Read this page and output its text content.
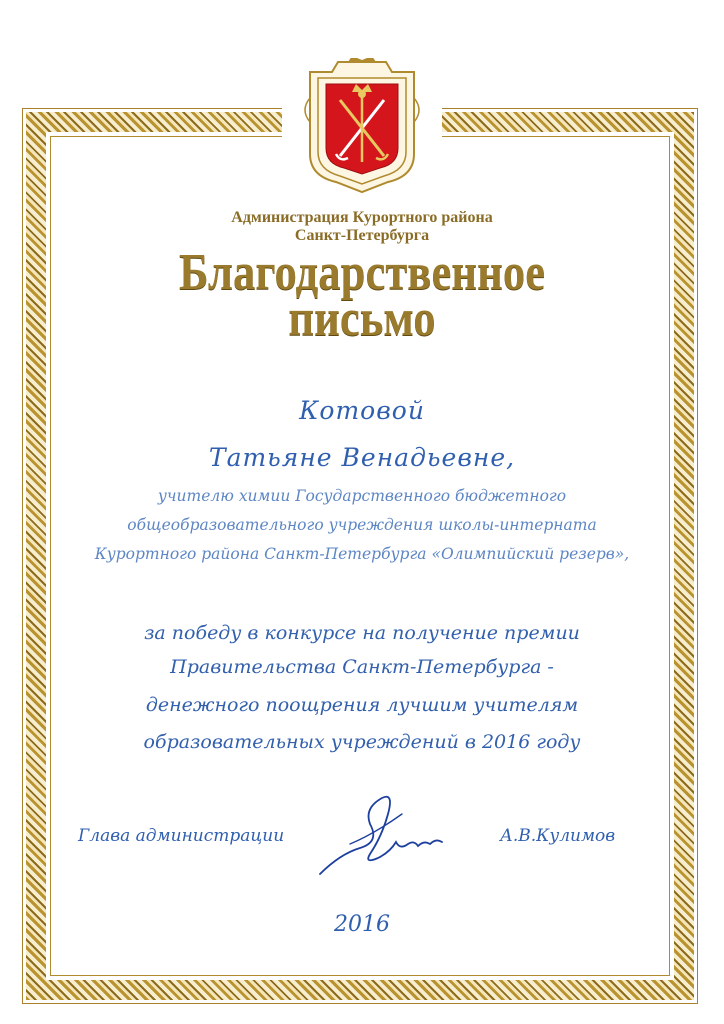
Администрация Курортного района
Санкт-Петербурга
Благодарственное
письмо
Котовой
Татьяне Венадьевне,
учителю химии Государственного бюджетного
общеобразовательного учреждения школы-интерната
Курортного района Санкт-Петербурга «Олимпийский резерв»,
за победу в конкурсе на получение премии
Правительства Санкт-Петербурга -
денежного поощрения лучшим учителям
образовательных учреждений в 2016 году
Глава администрации	А.В.Кулимов
2016
